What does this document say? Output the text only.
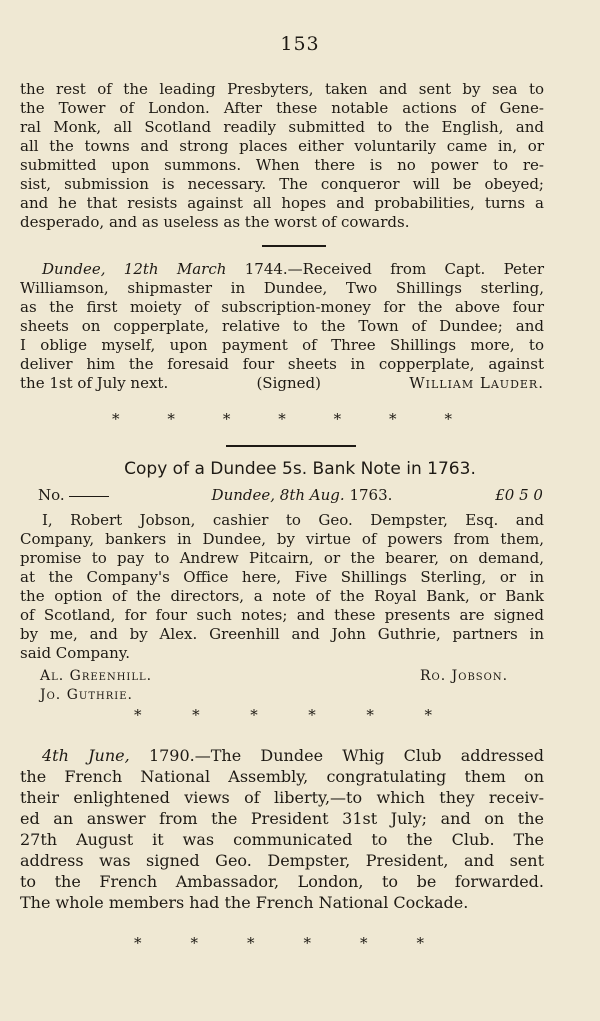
153
the rest of the leading Presbyters, taken and sent by sea to
the Tower of London. After these notable actions of Gene-
ral Monk, all Scotland readily submitted to the English, and
all the towns and strong places either voluntarily came in, or
submitted upon summons. When there is no power to re-
sist, submission is necessary. The conqueror will be obeyed;
and he that resists against all hopes and probabilities, turns a
desperado, and as useless as the worst of cowards.
Dundee, 12th March 1744.—Received from Capt. Peter
Williamson, shipmaster in Dundee, Two Shillings sterling,
as the first moiety of subscription-money for the above four
sheets on copperplate, relative to the Town of Dundee; and
I oblige myself, upon payment of Three Shillings more, to
deliver him the foresaid four sheets in copperplate, against
the 1st of July next.	(Signed)	William Lauder.
*	*	*	*	*	*	*
Copy of a Dundee 5s. Bank Note in 1763.
No.	Dundee, 8th Aug. 1763.	£0 5 0
I, Robert Jobson, cashier to Geo. Dempster, Esq. and
Company, bankers in Dundee, by virtue of powers from them,
promise to pay to Andrew Pitcairn, or the bearer, on demand,
at the Company's Office here, Five Shillings Sterling, or in
the option of the directors, a note of the Royal Bank, or Bank
of Scotland, for four such notes; and these presents are signed
by me, and by Alex. Greenhill and John Guthrie, partners in
said Company.
Al. Greenhill.	Ro. Jobson.
Jo. Guthrie.
*	*	*	*	*	*
4th June, 1790.—The Dundee Whig Club addressed
the French National Assembly, congratulating them on
their enlightened views of liberty,—to which they receiv-
ed an answer from the President 31st July; and on the
27th August it was communicated to the Club. The
address was signed Geo. Dempster, President, and sent
to the French Ambassador, London, to be forwarded.
The whole members had the French National Cockade.
*	*	*	*	*	*
